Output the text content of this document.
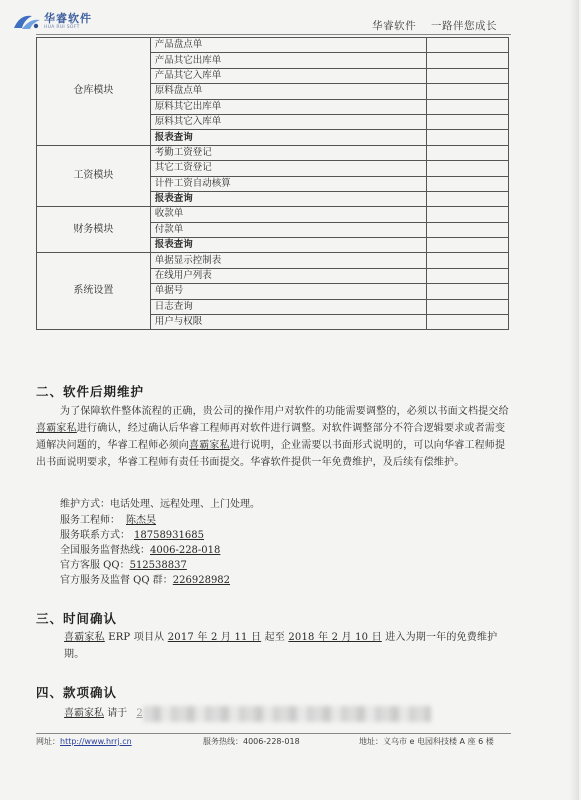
华睿软件
HUA RUI SOFT	华睿软件　 一路伴您成长
仓库模块	产品盘点单	
	产品其它出库单	
	产品其它入库单	
	原料盘点单	
	原料其它出库单	
	原料其它入库单	
	报表查询	
工资模块	考勤工资登记	
	其它工资登记	
	计件工资自动核算	
	报表查询	
财务模块	收款单	
	付款单	
	报表查询	
系统设置	单据显示控制表	
	在线用户列表	
	单据号	
	日志查询	
	用户与权限	
二、软件后期维护
为了保障软件整体流程的正确，贵公司的操作用户对软件的功能需要调整的，必须以书面文档提交给喜霸家私进行确认，经过确认后华睿工程师再对软件进行调整。对软件调整部分不符合逻辑要求或者需变通解决问题的，华睿工程师必须向喜霸家私进行说明，企业需要以书面形式说明的，可以向华睿工程师提出书面说明要求，华睿工程师有责任书面提交。华睿软件提供一年免费维护，及后续有偿维护。
维护方式：电话处理、远程处理、上门处理。
服务工程师： 陈杰昊
服务联系方式： 18758931685
全国服务监督热线：4006-228-018
官方客服 QQ：512538837
官方服务及监督 QQ 群：226928982
三、时间确认
喜霸家私 ERP 项目从 2017 年 2 月 11 日 起至 2018 年 2 月 10 日 进入为期一年的免费维护期。
四、款项确认
喜霸家私 请于 2
网址：http://www.hrrj.cn	服务热线：4006-228-018	地址：义乌市 e 电园科技楼 A 座 6 楼
